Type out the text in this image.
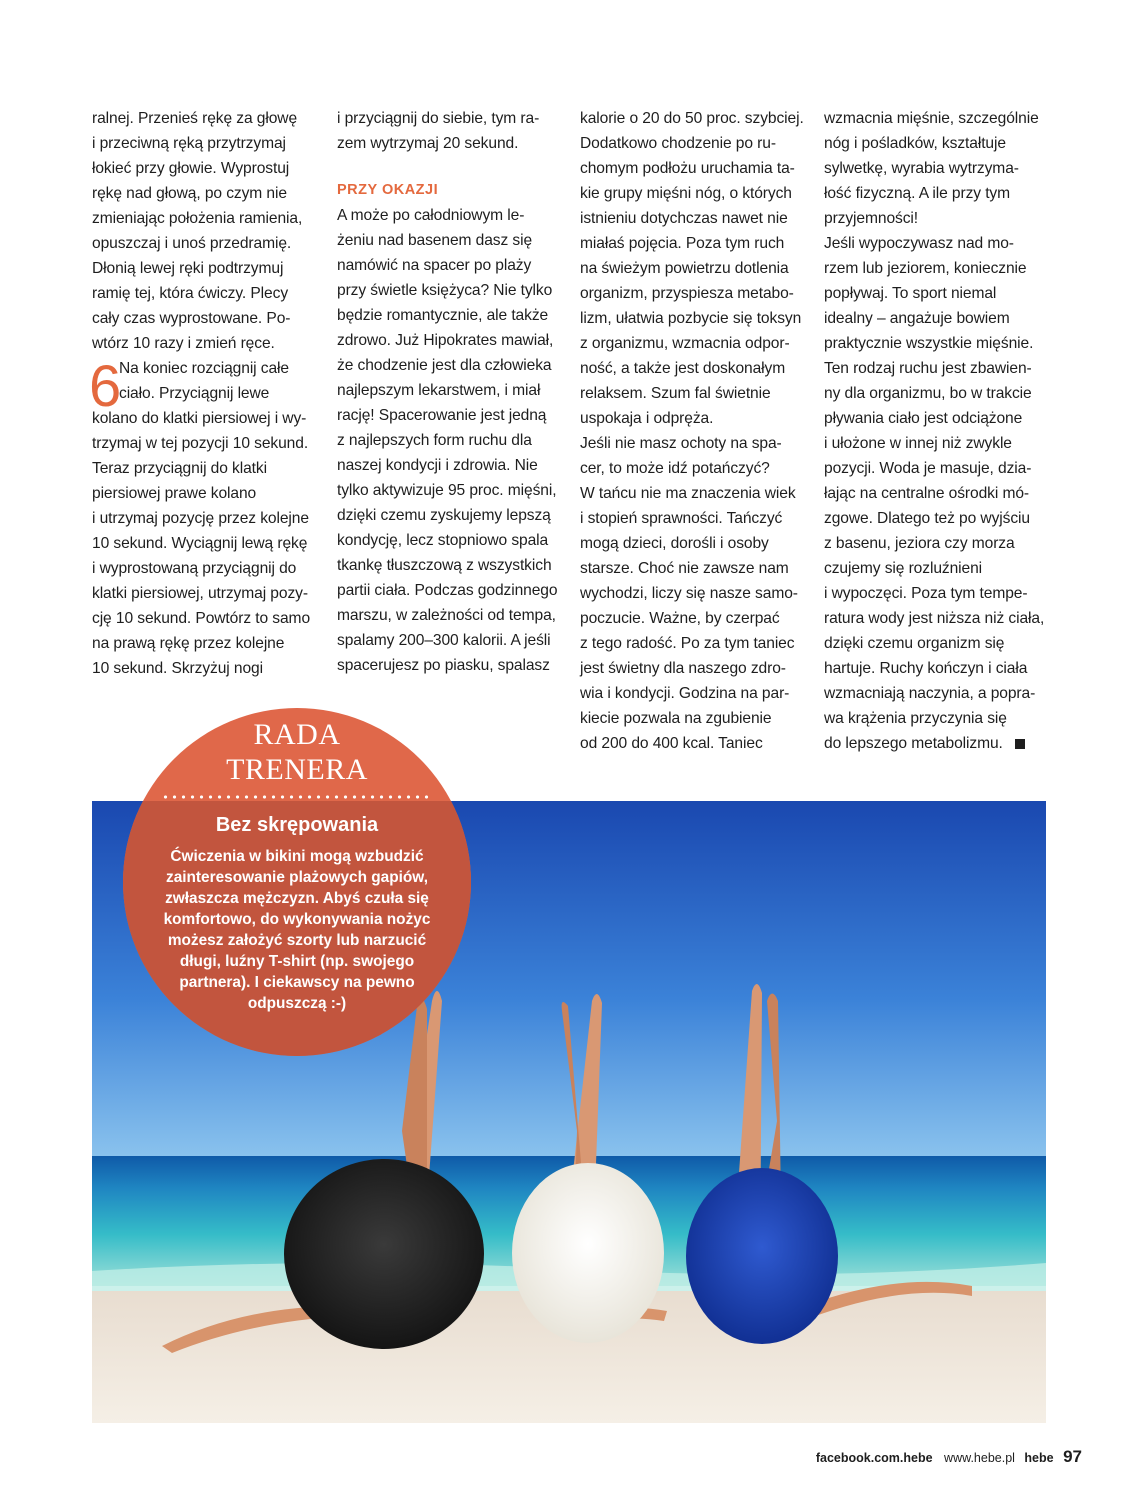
ralnej. Przenieś rękę za głowę
i przeciwną ręką przytrzymaj
łokieć przy głowie. Wyprostuj
rękę nad głową, po czym nie
zmieniając położenia ramienia,
opuszczaj i unoś przedramię.
Dłonią lewej ręki podtrzymuj
ramię tej, która ćwiczy. Plecy
cały czas wyprostowane. Po-
wtórz 10 razy i zmień ręce.
6
Na koniec rozciągnij całe
ciało. Przyciągnij lewe
kolano do klatki piersiowej i wy-
trzymaj w tej pozycji 10 sekund.
Teraz przyciągnij do klatki
piersiowej prawe kolano
i utrzymaj pozycję przez kolejne
10 sekund. Wyciągnij lewą rękę
i wyprostowaną przyciągnij do
klatki piersiowej, utrzymaj pozy-
cję 10 sekund. Powtórz to samo
na prawą rękę przez kolejne
10 sekund. Skrzyżuj nogi
i przyciągnij do siebie, tym ra-
zem wytrzymaj 20 sekund.
PRZY OKAZJI
A może po całodniowym le-
żeniu nad basenem dasz się
namówić na spacer po plaży
przy świetle księżyca? Nie tylko
będzie romantycznie, ale także
zdrowo. Już Hipokrates mawiał,
że chodzenie jest dla człowieka
najlepszym lekarstwem, i miał
rację! Spacerowanie jest jedną
z najlepszych form ruchu dla
naszej kondycji i zdrowia. Nie
tylko aktywizuje 95 proc. mięśni,
dzięki czemu zyskujemy lepszą
kondycję, lecz stopniowo spala
tkankę tłuszczową z wszystkich
partii ciała. Podczas godzinnego
marszu, w zależności od tempa,
spalamy 200–300 kalorii. A jeśli
spacerujesz po piasku, spalasz
kalorie o 20 do 50 proc. szybciej.
Dodatkowo chodzenie po ru-
chomym podłożu uruchamia ta-
kie grupy mięśni nóg, o których
istnieniu dotychczas nawet nie
miałaś pojęcia. Poza tym ruch
na świeżym powietrzu dotlenia
organizm, przyspiesza metabo-
lizm, ułatwia pozbycie się toksyn
z organizmu, wzmacnia odpor-
ność, a także jest doskonałym
relaksem. Szum fal świetnie
uspokaja i odpręża.
Jeśli nie masz ochoty na spa-
cer, to może idź potańczyć?
W tańcu nie ma znaczenia wiek
i stopień sprawności. Tańczyć
mogą dzieci, dorośli i osoby
starsze. Choć nie zawsze nam
wychodzi, liczy się nasze samo-
poczucie. Ważne, by czerpać
z tego radość. Po za tym taniec
jest świetny dla naszego zdro-
wia i kondycji. Godzina na par-
kiecie pozwala na zgubienie
od 200 do 400 kcal. Taniec
wzmacnia mięśnie, szczególnie
nóg i pośladków, kształtuje
sylwetkę, wyrabia wytrzyma-
łość fizyczną. A ile przy tym
przyjemności!
Jeśli wypoczywasz nad mo-
rzem lub jeziorem, koniecznie
popływaj. To sport niemal
idealny – angażuje bowiem
praktycznie wszystkie mięśnie.
Ten rodzaj ruchu jest zbawien-
ny dla organizmu, bo w trakcie
pływania ciało jest odciążone
i ułożone w innej niż zwykle
pozycji. Woda je masuje, dzia-
łając na centralne ośrodki mó-
zgowe. Dlatego też po wyjściu
z basenu, jeziora czy morza
czujemy się rozluźnieni
i wypoczęci. Poza tym tempe-
ratura wody jest niższa niż ciała,
dzięki czemu organizm się
hartuje. Ruchy kończyn i ciała
wzmacniają naczynia, a popra-
wa krążenia przyczynia się
do lepszego metabolizmu.
RADA
TRENERA
Bez skrępowania
Ćwiczenia w bikini mogą wzbudzić
zainteresowanie plażowych gapiów,
zwłaszcza mężczyzn. Abyś czuła się
komfortowo, do wykonywania nożyc
możesz założyć szorty lub narzucić
długi, luźny T-shirt (np. swojego
partnera). I ciekawscy na pewno
odpuszczą :-)
facebook.com.hebe www.hebe.pl hebe 97
